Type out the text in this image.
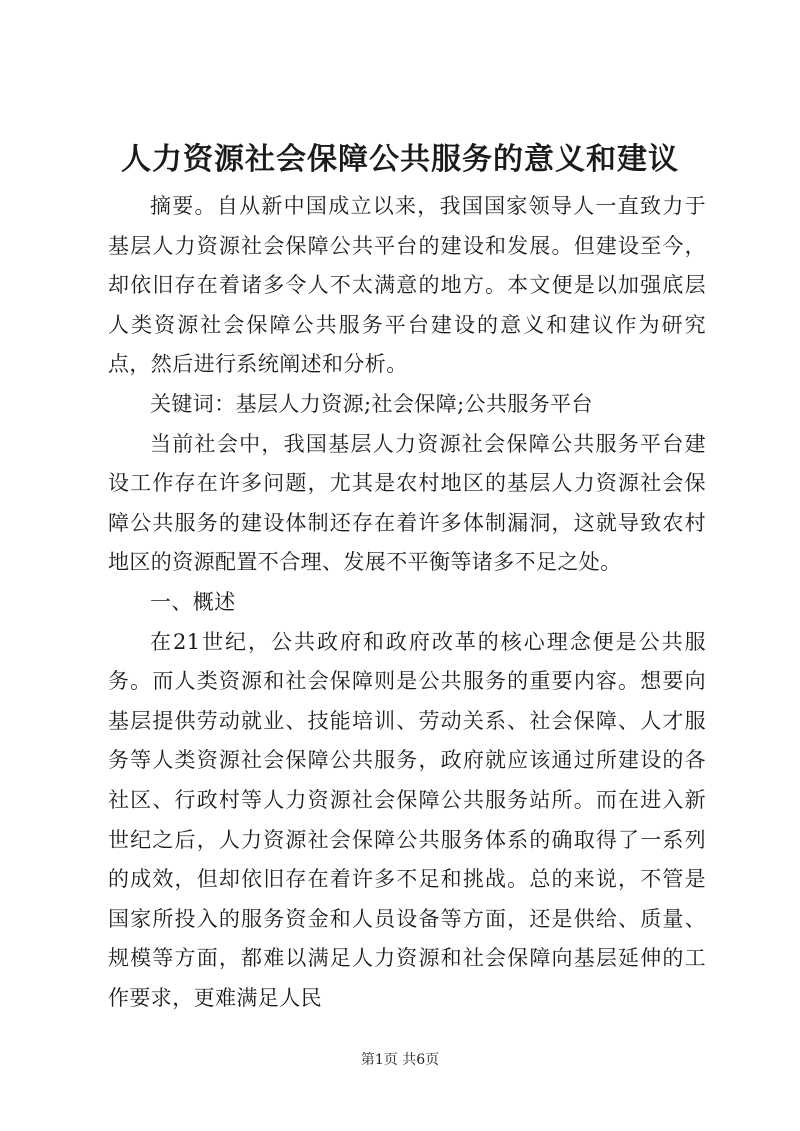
人力资源社会保障公共服务的意义和建议

摘要。自从新中国成立以来，我国国家领导人一直致力于基层人力资源社会保障公共平台的建设和发展。但建设至今，却依旧存在着诸多令人不太满意的地方。本文便是以加强底层人类资源社会保障公共服务平台建设的意义和建议作为研究点，然后进行系统阐述和分析。

关键词：基层人力资源;社会保障;公共服务平台

当前社会中，我国基层人力资源社会保障公共服务平台建设工作存在许多问题，尤其是农村地区的基层人力资源社会保障公共服务的建设体制还存在着许多体制漏洞，这就导致农村地区的资源配置不合理、发展不平衡等诸多不足之处。

一、概述

在21世纪，公共政府和政府改革的核心理念便是公共服务。而人类资源和社会保障则是公共服务的重要内容。想要向基层提供劳动就业、技能培训、劳动关系、社会保障、人才服务等人类资源社会保障公共服务，政府就应该通过所建设的各社区、行政村等人力资源社会保障公共服务站所。而在进入新世纪之后，人力资源社会保障公共服务体系的确取得了一系列的成效，但却依旧存在着许多不足和挑战。总的来说，不管是国家所投入的服务资金和人员设备等方面，还是供给、质量、规模等方面，都难以满足人力资源和社会保障向基层延伸的工作要求，更难满足人民

第1页 共6页
